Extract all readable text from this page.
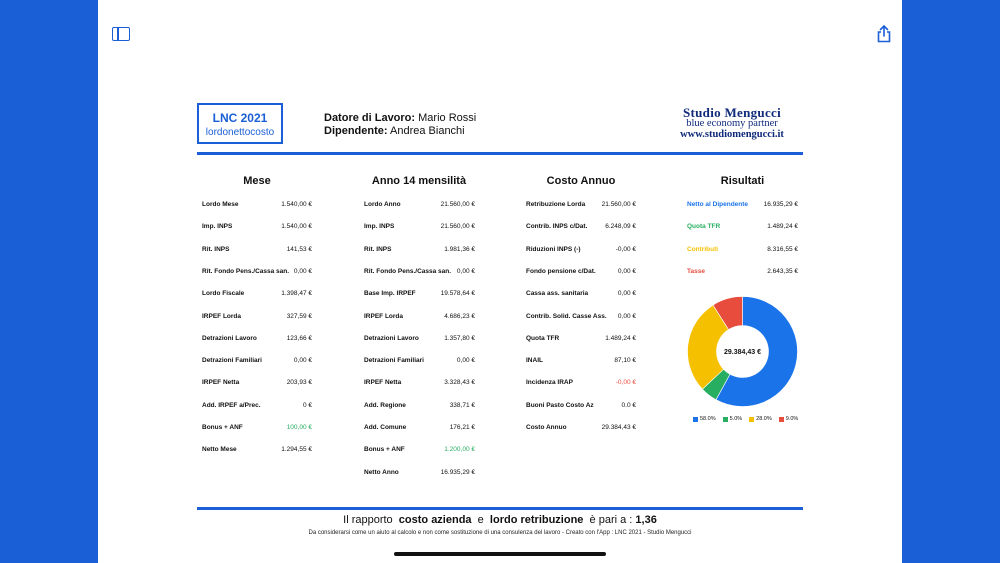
LNC 2021
lordonettocosto
Datore di Lavoro: Mario Rossi
Dipendente: Andrea Bianchi
Studio Mengucci
blue economy partner
www.studiomengucci.it
Mese	Anno 14 mensilità	Costo Annuo	Risultati
Lordo Mese	1.540,00 €
Imp. INPS	1.540,00 €
Rit. INPS	141,53 €
Rit. Fondo Pens./Cassa san. 0,00 €
Lordo Fiscale	1.398,47 €
IRPEF Lorda	327,59 €
Detrazioni Lavoro	123,66 €
Detrazioni Familiari	0,00 €
IRPEF Netta	203,93 €
Add. IRPEF a/Prec.	0 €
Bonus + ANF	100,00 €
Netto Mese	1.294,55 €
Lordo Anno	21.560,00 €
Imp. INPS	21.560,00 €
Rit. INPS	1.981,36 €
Rit. Fondo Pens./Cassa san. 0,00 €
Base Imp. IRPEF	19.578,64 €
IRPEF Lorda	4.686,23 €
Detrazioni Lavoro	1.357,80 €
Detrazioni Familiari	0,00 €
IRPEF Netta	3.328,43 €
Add. Regione	338,71 €
Add. Comune	176,21 €
Bonus + ANF	1.200,00 €
Netto Anno	16.935,29 €
Retribuzione Lorda	21.560,00 €
Contrib. INPS c/Dat.	6.248,09 €
Riduzioni INPS (-)	-0,00 €
Fondo pensione c/Dat.	0,00 €
Cassa ass. sanitaria	0,00 €
Contrib. Solid. Casse Ass. 0,00 €
Quota TFR	1.489,24 €
INAIL	87,10 €
Incidenza IRAP	-0,00 €
Buoni Pasto Costo Az	0.0 €
Costo Annuo	29.384,43 €
Netto al Dipendente 16.935,29 €
Quota TFR	1.489,24 €
Contributi	8.316,55 €
Tasse	2.643,35 €
29.384,43 €
58.0%	5.0%	28.0%	9.0%
Il rapporto costo azienda e lordo retribuzione è pari a : 1,36
Da considerarsi come un aiuto al calcolo e non come sostituzione di una consulenza del lavoro - Creato con l'App : LNC 2021 - Studio Mengucci
